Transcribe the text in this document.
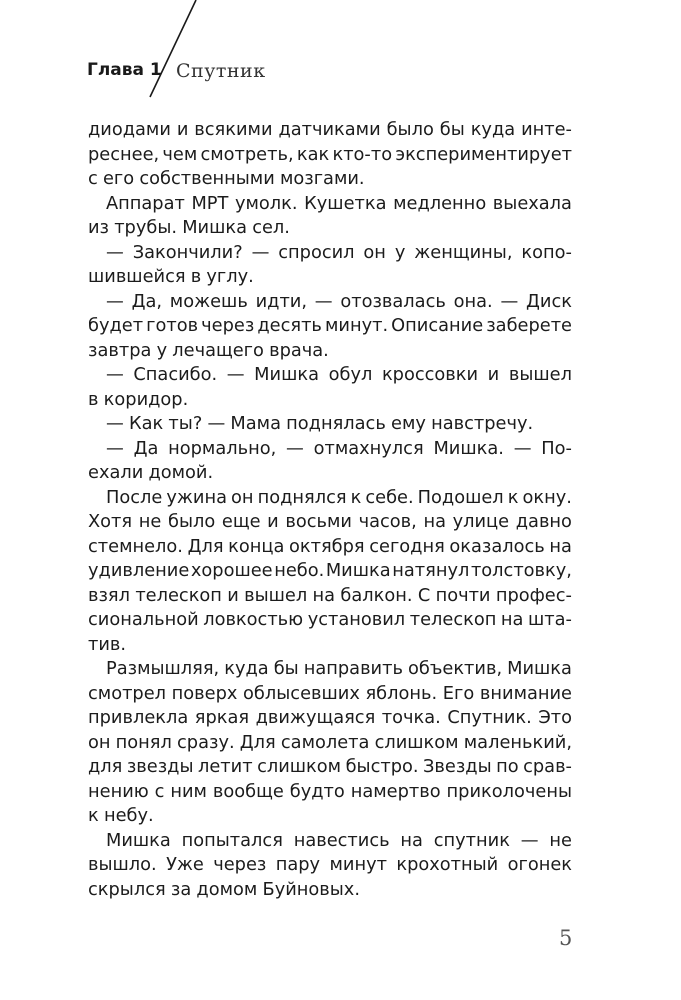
Глава 1 Спутник
диодами и всякими датчиками было бы куда инте-
реснее, чем смотреть, как кто-то экспериментирует
с его собственными мозгами.
Аппарат МРТ умолк. Кушетка медленно выехала
из трубы. Мишка сел.
— Закончили? — спросил он у женщины, копо-
шившейся в углу.
— Да, можешь идти, — отозвалась она. — Диск
будет готов через десять минут. Описание заберете
завтра у лечащего врача.
— Спасибо. — Мишка обул кроссовки и вышел
в коридор.
— Как ты? — Мама поднялась ему навстречу.
— Да нормально, — отмахнулся Мишка. — По-
ехали домой.
После ужина он поднялся к себе. Подошел к окну.
Хотя не было еще и восьми часов, на улице давно
стемнело. Для конца октября сегодня оказалось на
удивление хорошее небо. Мишка натянул толстовку,
взял телескоп и вышел на балкон. С почти профес-
сиональной ловкостью установил телескоп на шта-
тив.
Размышляя, куда бы направить объектив, Мишка
смотрел поверх облысевших яблонь. Его внимание
привлекла яркая движущаяся точка. Спутник. Это
он понял сразу. Для самолета слишком маленький,
для звезды летит слишком быстро. Звезды по срав-
нению с ним вообще будто намертво приколочены
к небу.
Мишка попытался навестись на спутник — не
вышло. Уже через пару минут крохотный огонек
скрылся за домом Буйновых.
5
